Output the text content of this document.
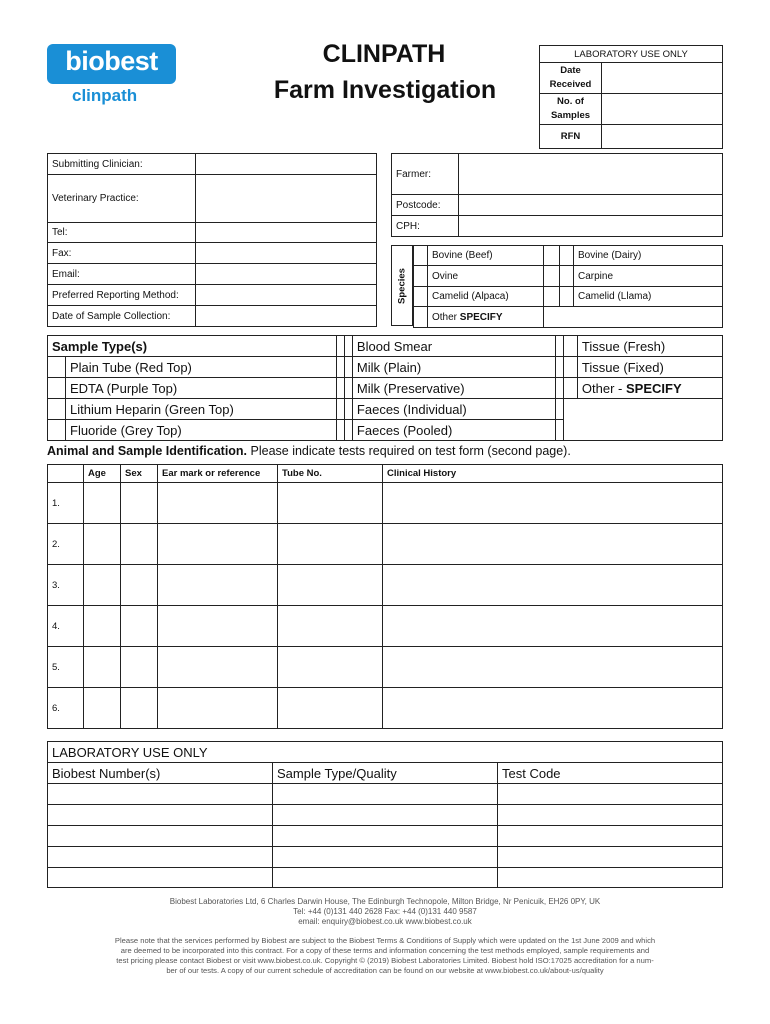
biobest
clinpath
CLINPATH
Farm Investigation
LABORATORY USE ONLY	
Date Received	
No. of Samples	
RFN	
Submitting Clinician:	
Veterinary Practice:	
Tel:	
Fax:	
Email:	
Preferred Reporting Method:	
Date of Sample Collection:	
Farmer:	
Postcode:	
CPH:	
Species
	Bovine (Beef)			Bovine (Dairy)
	Ovine			Carpine
	Camelid (Alpaca)			Camelid (Llama)
	Other SPECIFY			
Sample Type(s)				Blood Smear			Tissue (Fresh)
	Plain Tube (Red Top)			Milk (Plain)			Tissue (Fixed)
	EDTA (Purple Top)			Milk (Preservative)			Other - SPECIFY
	Lithium Heparin (Green Top)			Faeces (Individual)			
	Fluoride (Grey Top)			Faeces (Pooled)			
Animal and Sample Identification. Please indicate tests required on test form (second page).
	Age	Sex	Ear mark or reference	Tube No.	Clinical History
1.					
2.					
3.					
4.					
5.					
6.					
LABORATORY USE ONLY		
Biobest Number(s)	Sample Type/Quality	Test Code

Biobest Laboratories Ltd, 6 Charles Darwin House, The Edinburgh Technopole, Milton Bridge, Nr Penicuik, EH26 0PY, UK
Tel: +44 (0)131 440 2628 Fax: +44 (0)131 440 9587
email: enquiry@biobest.co.uk www.biobest.co.uk
Please note that the services performed by Biobest are subject to the Biobest Terms & Conditions of Supply which were updated on the 1st June 2009 and which
are deemed to be incorporated into this contract. For a copy of these terms and information concerning the test methods employed, sample requirements and
test pricing please contact Biobest or visit www.biobest.co.uk. Copyright © (2019) Biobest Laboratories Limited. Biobest hold ISO:17025 accreditation for a num-
ber of our tests. A copy of our current schedule of accreditation can be found on our website at www.biobest.co.uk/about-us/quality
